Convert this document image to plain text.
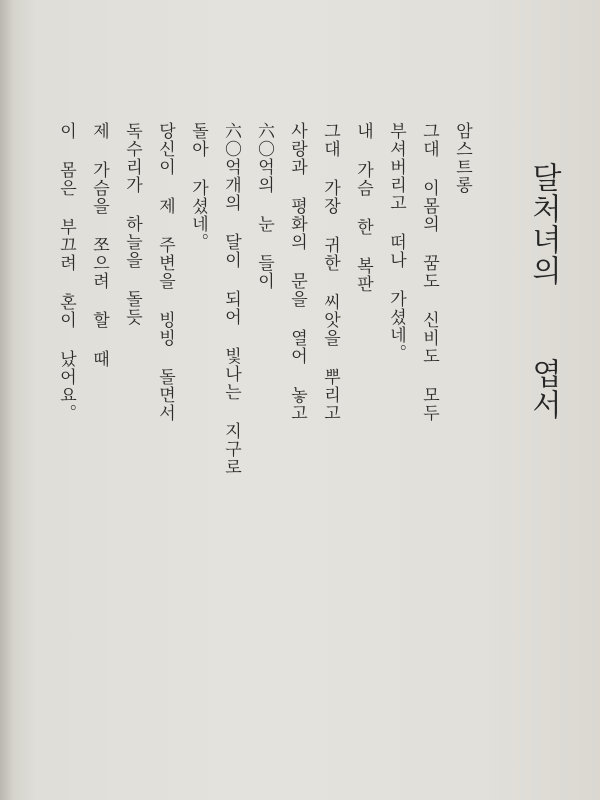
달처녀의  엽서
암스트롱
그대 이몸의 꿈도 신비도 모두
부셔버리고 떠나 가셨네。
내 가슴 한 복판
그대 가장 귀한 씨앗을 뿌리고
사랑과 평화의 문을 열어 놓고
六〇억의 눈 들이
六〇억개의 달이 되어 빛나는 지구로
돌아 가셨네。
당신이 제 주변을 빙빙 돌면서
독수리가 하늘을 돌듯
제 가슴을 쪼으려 할 때
이 몸은 부끄려 혼이 났어요。
